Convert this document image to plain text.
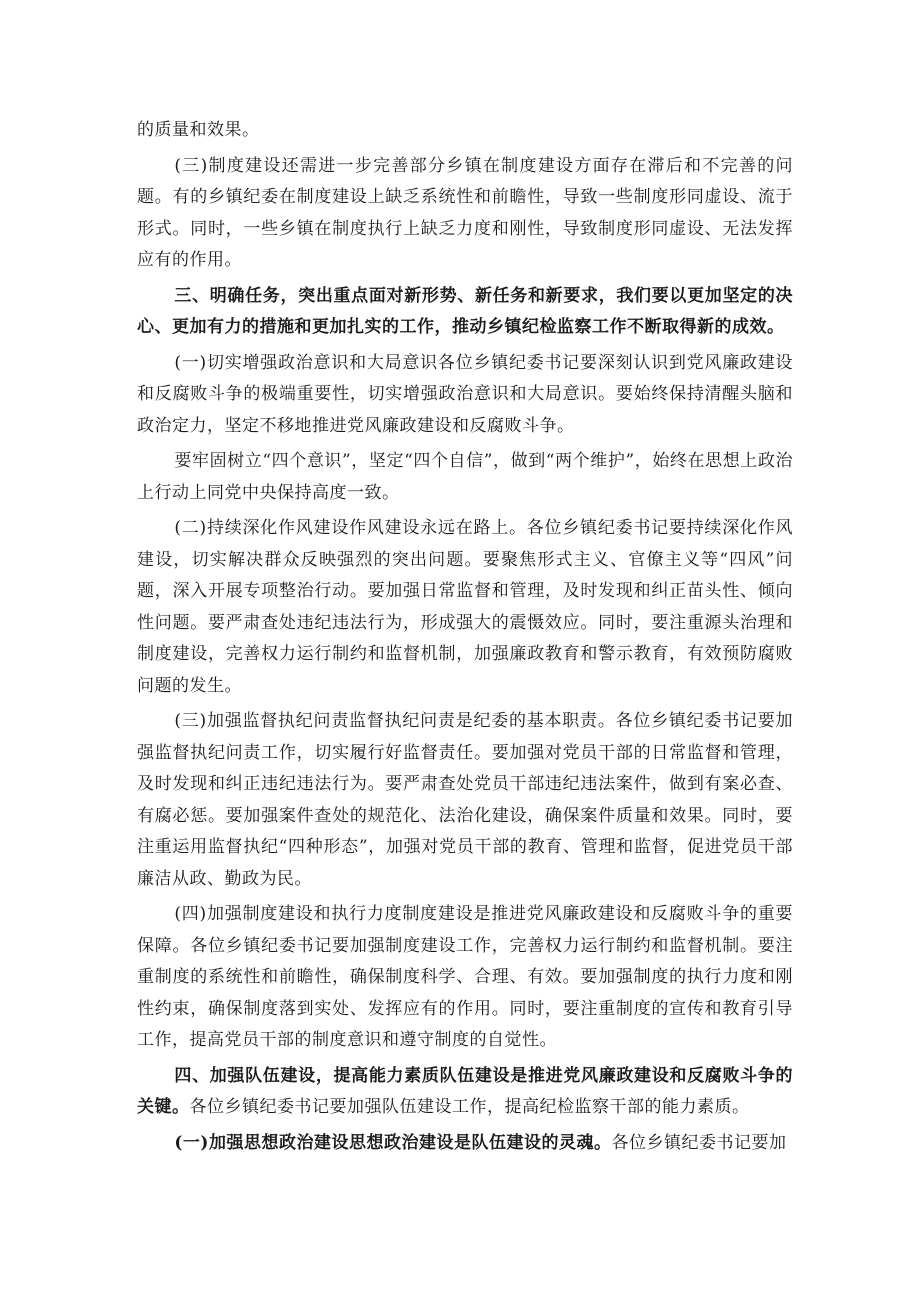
的质量和效果。

(三)制度建设还需进一步完善部分乡镇在制度建设方面存在滞后和不完善的问题。有的乡镇纪委在制度建设上缺乏系统性和前瞻性，导致一些制度形同虚设、流于形式。同时，一些乡镇在制度执行上缺乏力度和刚性，导致制度形同虚设、无法发挥应有的作用。

三、明确任务，突出重点面对新形势、新任务和新要求，我们要以更加坚定的决心、更加有力的措施和更加扎实的工作，推动乡镇纪检监察工作不断取得新的成效。

(一)切实增强政治意识和大局意识各位乡镇纪委书记要深刻认识到党风廉政建设和反腐败斗争的极端重要性，切实增强政治意识和大局意识。要始终保持清醒头脑和政治定力，坚定不移地推进党风廉政建设和反腐败斗争。

要牢固树立“四个意识”，坚定“四个自信”，做到“两个维护”，始终在思想上政治上行动上同党中央保持高度一致。

(二)持续深化作风建设作风建设永远在路上。各位乡镇纪委书记要持续深化作风建设，切实解决群众反映强烈的突出问题。要聚焦形式主义、官僚主义等“四风”问题，深入开展专项整治行动。要加强日常监督和管理，及时发现和纠正苗头性、倾向性问题。要严肃查处违纪违法行为，形成强大的震慑效应。同时，要注重源头治理和制度建设，完善权力运行制约和监督机制，加强廉政教育和警示教育，有效预防腐败问题的发生。

(三)加强监督执纪问责监督执纪问责是纪委的基本职责。各位乡镇纪委书记要加强监督执纪问责工作，切实履行好监督责任。要加强对党员干部的日常监督和管理，及时发现和纠正违纪违法行为。要严肃查处党员干部违纪违法案件，做到有案必查、有腐必惩。要加强案件查处的规范化、法治化建设，确保案件质量和效果。同时，要注重运用监督执纪“四种形态”，加强对党员干部的教育、管理和监督，促进党员干部廉洁从政、勤政为民。

(四)加强制度建设和执行力度制度建设是推进党风廉政建设和反腐败斗争的重要保障。各位乡镇纪委书记要加强制度建设工作，完善权力运行制约和监督机制。要注重制度的系统性和前瞻性，确保制度科学、合理、有效。要加强制度的执行力度和刚性约束，确保制度落到实处、发挥应有的作用。同时，要注重制度的宣传和教育引导工作，提高党员干部的制度意识和遵守制度的自觉性。

四、加强队伍建设，提高能力素质队伍建设是推进党风廉政建设和反腐败斗争的关键。各位乡镇纪委书记要加强队伍建设工作，提高纪检监察干部的能力素质。

(一)加强思想政治建设思想政治建设是队伍建设的灵魂。各位乡镇纪委书记要加
